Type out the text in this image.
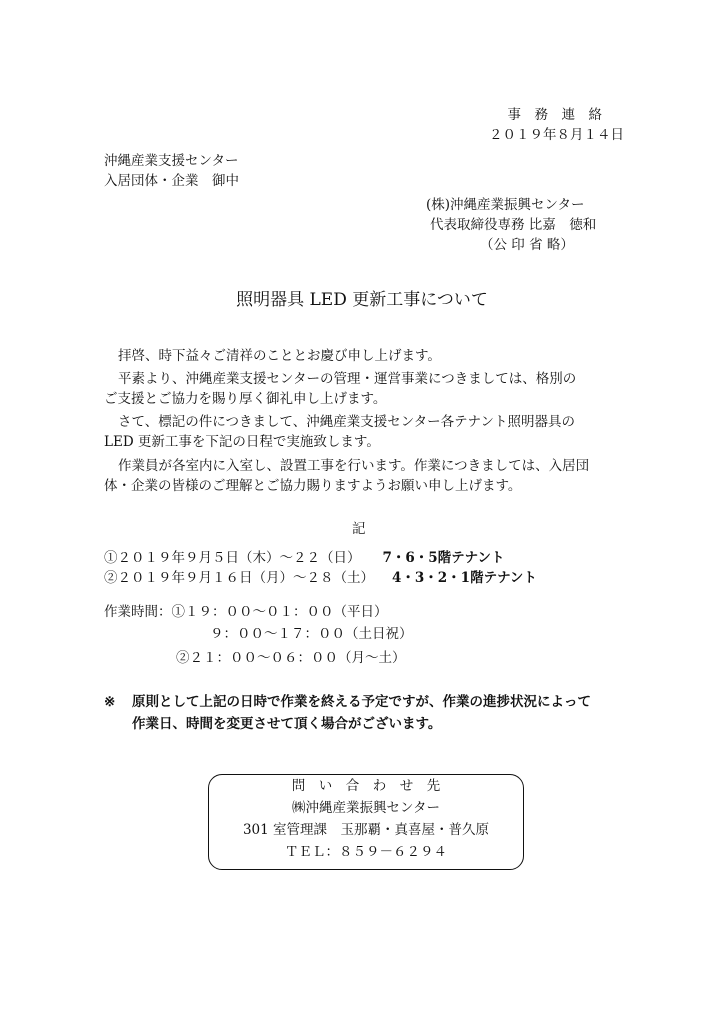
事　務　連　絡
２０１９年８月１４日
沖縄産業支援センター
入居団体・企業　御中
(株)沖縄産業振興センター
代表取締役専務 比嘉　徳和
（公 印 省 略）
照明器具 LED 更新工事について
拝啓、時下益々ご清祥のこととお慶び申し上げます。
平素より、沖縄産業支援センターの管理・運営事業につきましては、格別の
ご支援とご協力を賜り厚く御礼申し上げます。
さて、標記の件につきまして、沖縄産業支援センター各テナント照明器具の
LED 更新工事を下記の日程で実施致します。
作業員が各室内に入室し、設置工事を行います。作業につきましては、入居団
体・企業の皆様のご理解とご協力賜りますようお願い申し上げます。
記
①２０１９年９月５日（木）～２２（日） 7・6・5階テナント
②２０１９年９月１６日（月）～２８（土） 4・3・2・1階テナント
作業時間：①１９：００～０１：００（平日）
９：００～１７：００（土日祝）
②２１：００～０６：００（月～土）
※ 原則として上記の日時で作業を終える予定ですが、作業の進捗状況によって
作業日、時間を変更させて頂く場合がございます。
問　い　合　わ　せ　先
㈱沖縄産業振興センター
301 室管理課　玉那覇・真喜屋・普久原
ＴＥＬ：８５９－６２９４
